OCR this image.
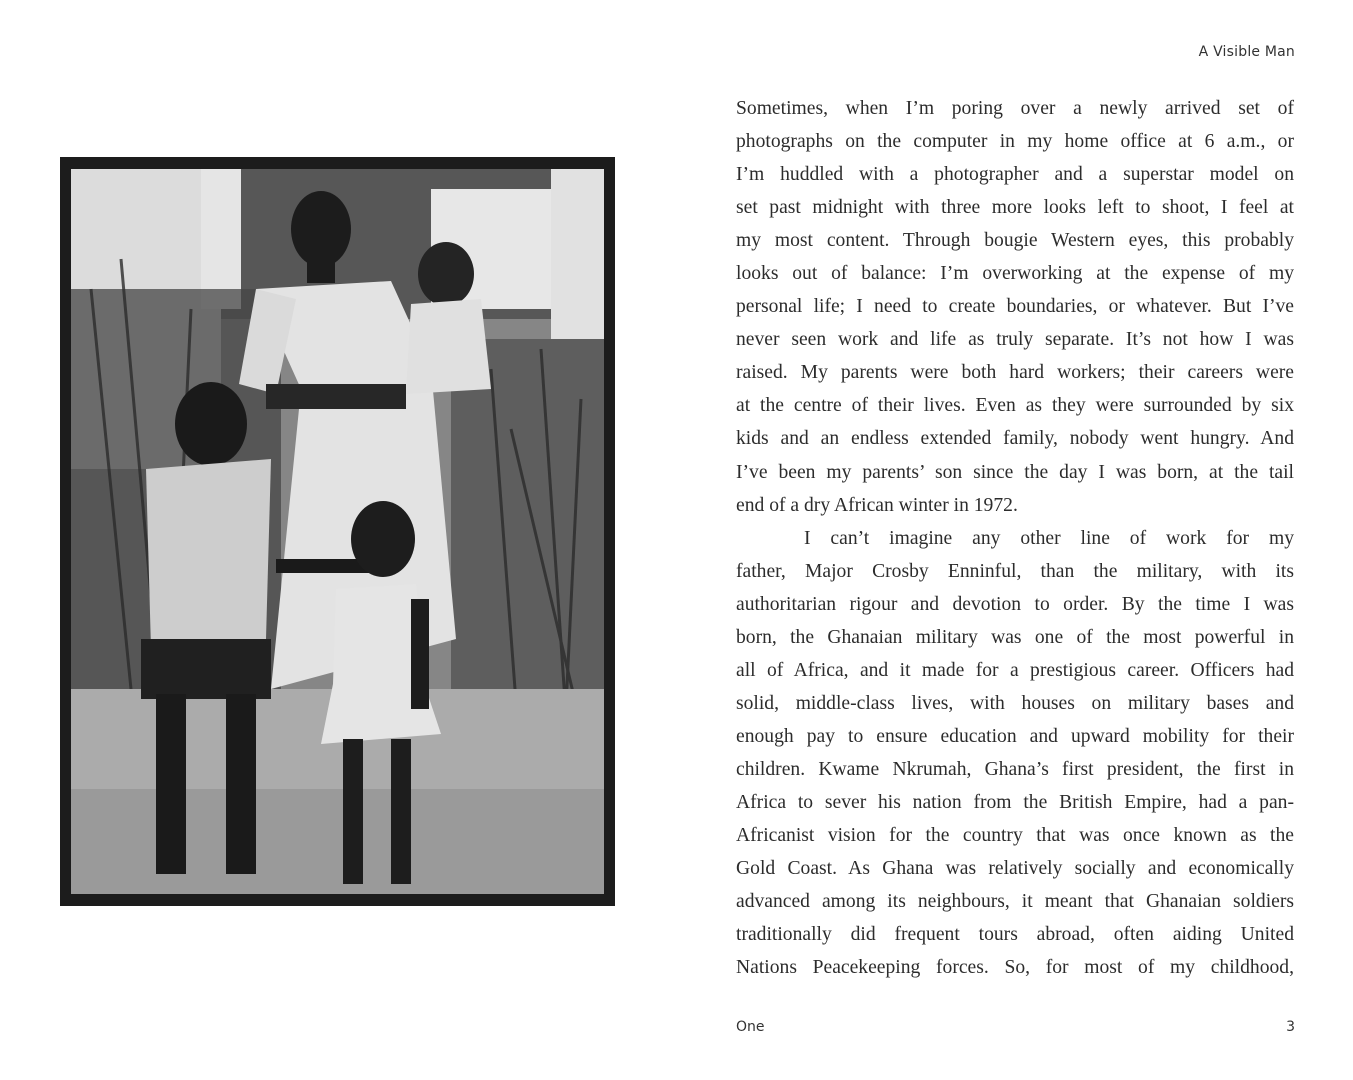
A Visible Man
Sometimes, when I’m poring over a newly arrived set of
photographs on the computer in my home office at 6 a.m., or
I’m huddled with a photographer and a superstar model on
set past midnight with three more looks left to shoot, I feel at
my most content. Through bougie Western eyes, this probably
looks out of balance: I’m overworking at the expense of my
personal life; I need to create boundaries, or whatever. But I’ve
never seen work and life as truly separate. It’s not how I was
raised. My parents were both hard workers; their careers were
at the centre of their lives. Even as they were surrounded by six
kids and an endless extended family, nobody went hungry. And
I’ve been my parents’ son since the day I was born, at the tail
end of a dry African winter in 1972.
I can’t imagine any other line of work for my
father, Major Crosby Enninful, than the military, with its
authoritarian rigour and devotion to order. By the time I was
born, the Ghanaian military was one of the most powerful in
all of Africa, and it made for a prestigious career. Officers had
solid, middle-class lives, with houses on military bases and
enough pay to ensure education and upward mobility for their
children. Kwame Nkrumah, Ghana’s first president, the first in
Africa to sever his nation from the British Empire, had a pan-
Africanist vision for the country that was once known as the
Gold Coast. As Ghana was relatively socially and economically
advanced among its neighbours, it meant that Ghanaian soldiers
traditionally did frequent tours abroad, often aiding United
Nations Peacekeeping forces. So, for most of my childhood,
One	3
